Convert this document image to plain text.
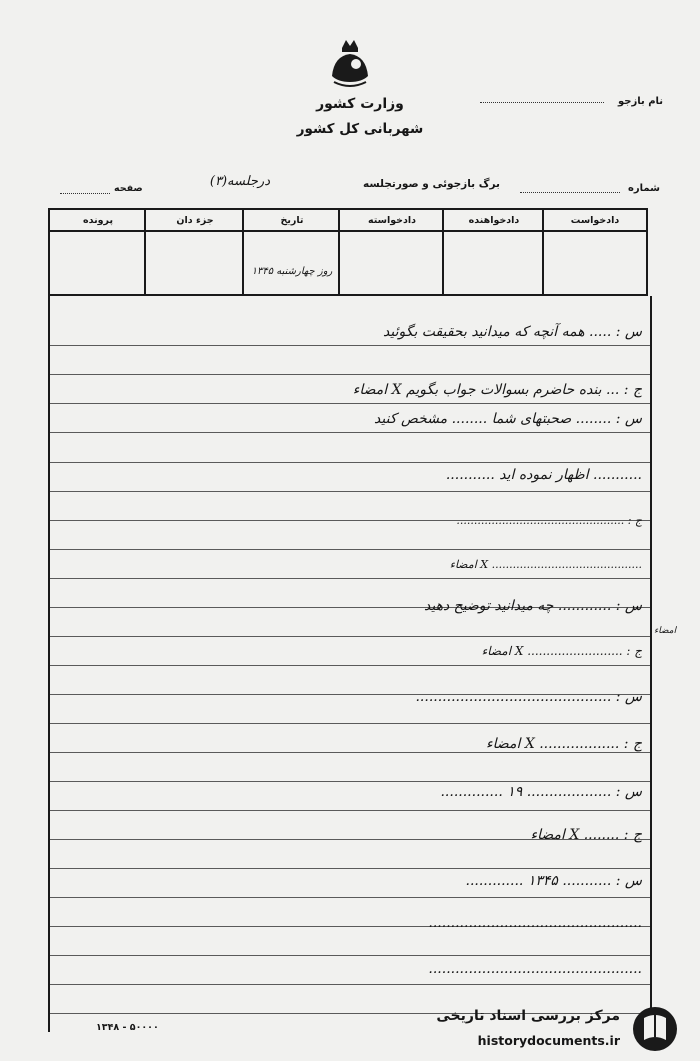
وزارت کشور
شهربانی کل کشور
نام بازجو
شماره
برگ بازجوئی و صورتجلسه
درجلسه(۳)
صفحه
دادخواست
دادخواهنده
دادخواسته
تاریخ
جزء دان
پرونده
روز چهارشنبه ۱۳۴۵
س : ..... همه آنچه که میدانید بحقیقت بگوئید
ج : ... بنده حاضرم بسوالات جواب بگویم X امضاء
س : ........ صحبتهای شما ........ مشخص کنید
........... اظهار نموده اید ...........
ج : ................................................
........................................... X امضاء
س : ............ چه میدانید توضیح دهید
ج : ......................... X امضاء
س : ............................................
ج : .................. X امضاء
س : ................... ۱۹ ..............
ج : ........ X امضاء
س : ........... ۱۳۴۵ .............
................................................
................................................
امضاء
۵۰۰۰۰ - ۱۳۴۸
مرکز بررسی اسناد تاریخی
historydocuments.ir
